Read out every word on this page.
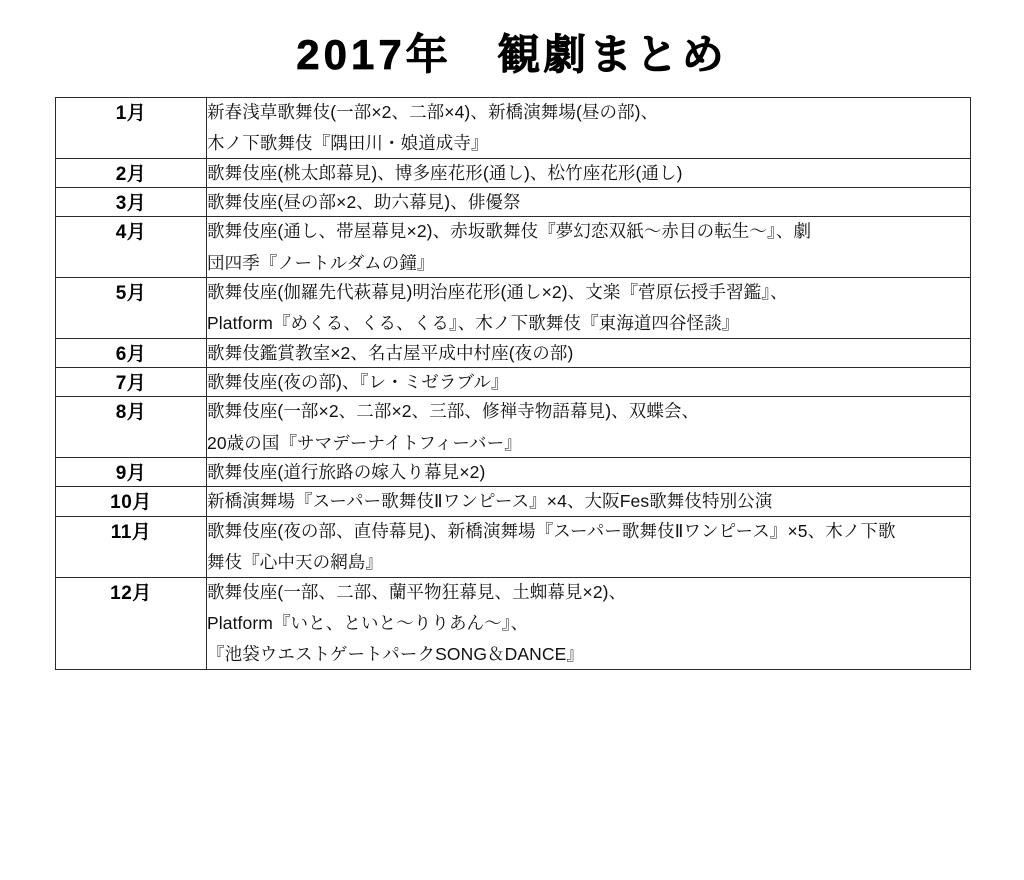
2017年　観劇まとめ
1月	新春浅草歌舞伎(一部×2、二部×4)、新橋演舞場(昼の部)、
木ノ下歌舞伎『隅田川・娘道成寺』

2月	歌舞伎座(桃太郎幕見)、博多座花形(通し)、松竹座花形(通し)

3月	歌舞伎座(昼の部×2、助六幕見)、俳優祭

4月	歌舞伎座(通し、帯屋幕見×2)、赤坂歌舞伎『夢幻恋双紙〜赤目の転生〜』、劇
団四季『ノートルダムの鐘』

5月	歌舞伎座(伽羅先代萩幕見)明治座花形(通し×2)、文楽『菅原伝授手習鑑』、
Platform『めくる、くる、くる』、木ノ下歌舞伎『東海道四谷怪談』

6月	歌舞伎鑑賞教室×2、名古屋平成中村座(夜の部)

7月	歌舞伎座(夜の部)、『レ・ミゼラブル』

8月	歌舞伎座(一部×2、二部×2、三部、修禅寺物語幕見)、双蝶会、
20歳の国『サマデーナイトフィーバー』

9月	歌舞伎座(道行旅路の嫁入り幕見×2)

10月	新橋演舞場『スーパー歌舞伎Ⅱワンピース』×4、大阪Fes歌舞伎特別公演

11月	歌舞伎座(夜の部、直侍幕見)、新橋演舞場『スーパー歌舞伎Ⅱワンピース』×5、木ノ下歌
舞伎『心中天の網島』

12月	歌舞伎座(一部、二部、蘭平物狂幕見、土蜘幕見×2)、
Platform『いと、といと〜りりあん〜』、
『池袋ウエストゲートパークSONG＆DANCE』
